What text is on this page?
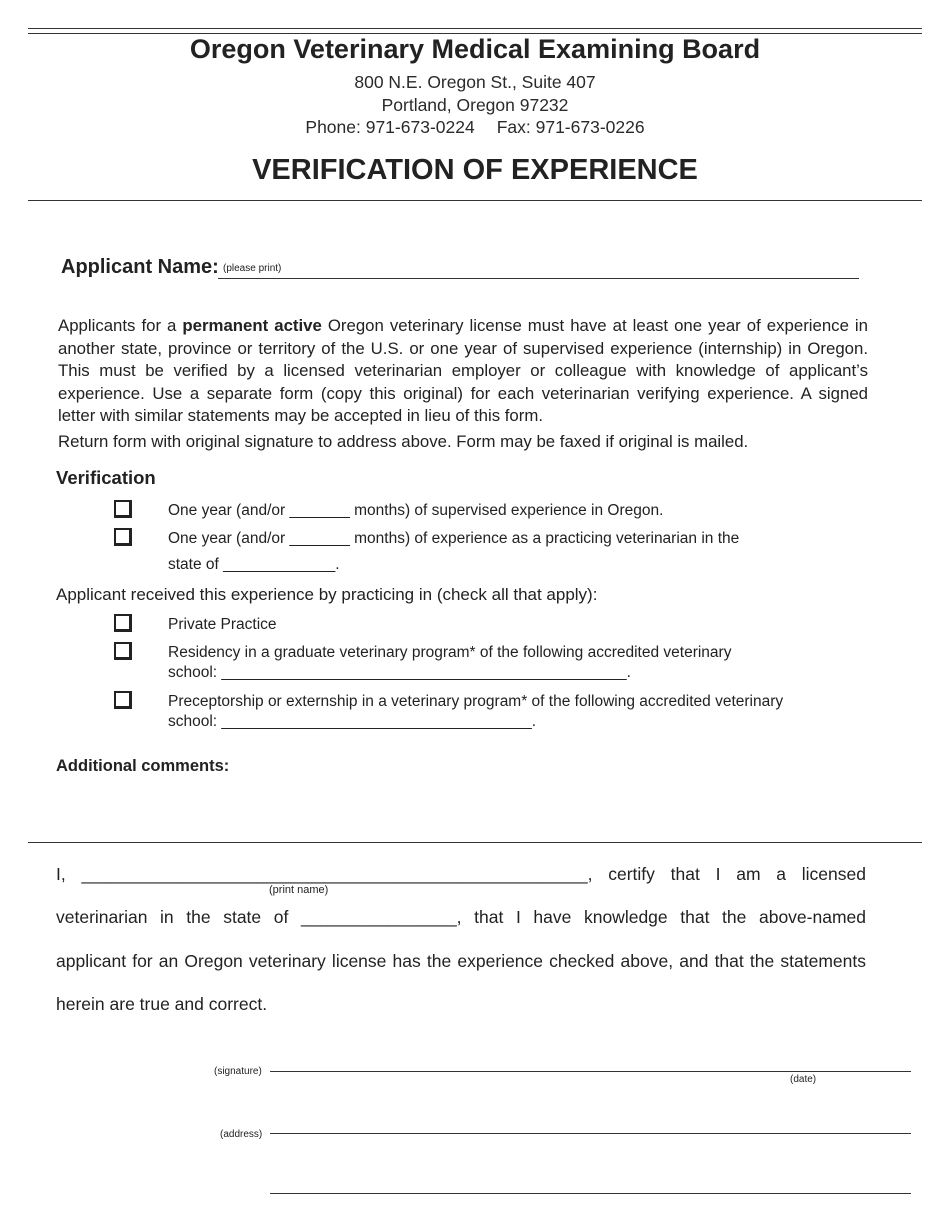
Oregon Veterinary Medical Examining Board
800 N.E. Oregon St., Suite 407
Portland, Oregon 97232
Phone: 971-673-0224 Fax: 971-673-0226
VERIFICATION OF EXPERIENCE
Applicant Name: (please print)
Applicants for a permanent active Oregon veterinary license must have at least one year of experience in another state, province or territory of the U.S. or one year of supervised experience (internship) in Oregon. This must be verified by a licensed veterinarian employer or colleague with knowledge of applicant’s experience. Use a separate form (copy this original) for each veterinarian verifying experience. A signed letter with similar statements may be accepted in lieu of this form.
Return form with original signature to address above. Form may be faxed if original is mailed.
Verification
One year (and/or _______ months) of supervised experience in Oregon.
One year (and/or _______ months) of experience as a practicing veterinarian in the
state of _____________.
Applicant received this experience by practicing in (check all that apply):
Private Practice
Residency in a graduate veterinary program* of the following accredited veterinary
school: _______________________________________________.
Preceptorship or externship in a veterinary program* of the following accredited veterinary
school: ____________________________________.
Additional comments:
I, ____________________________________________________, certify that I am a licensed
(print name)
veterinarian in the state of ________________, that I have knowledge that the above-named
applicant for an Oregon veterinary license has the experience checked above, and that the statements
herein are true and correct.
(signature)
(date)
(address)
